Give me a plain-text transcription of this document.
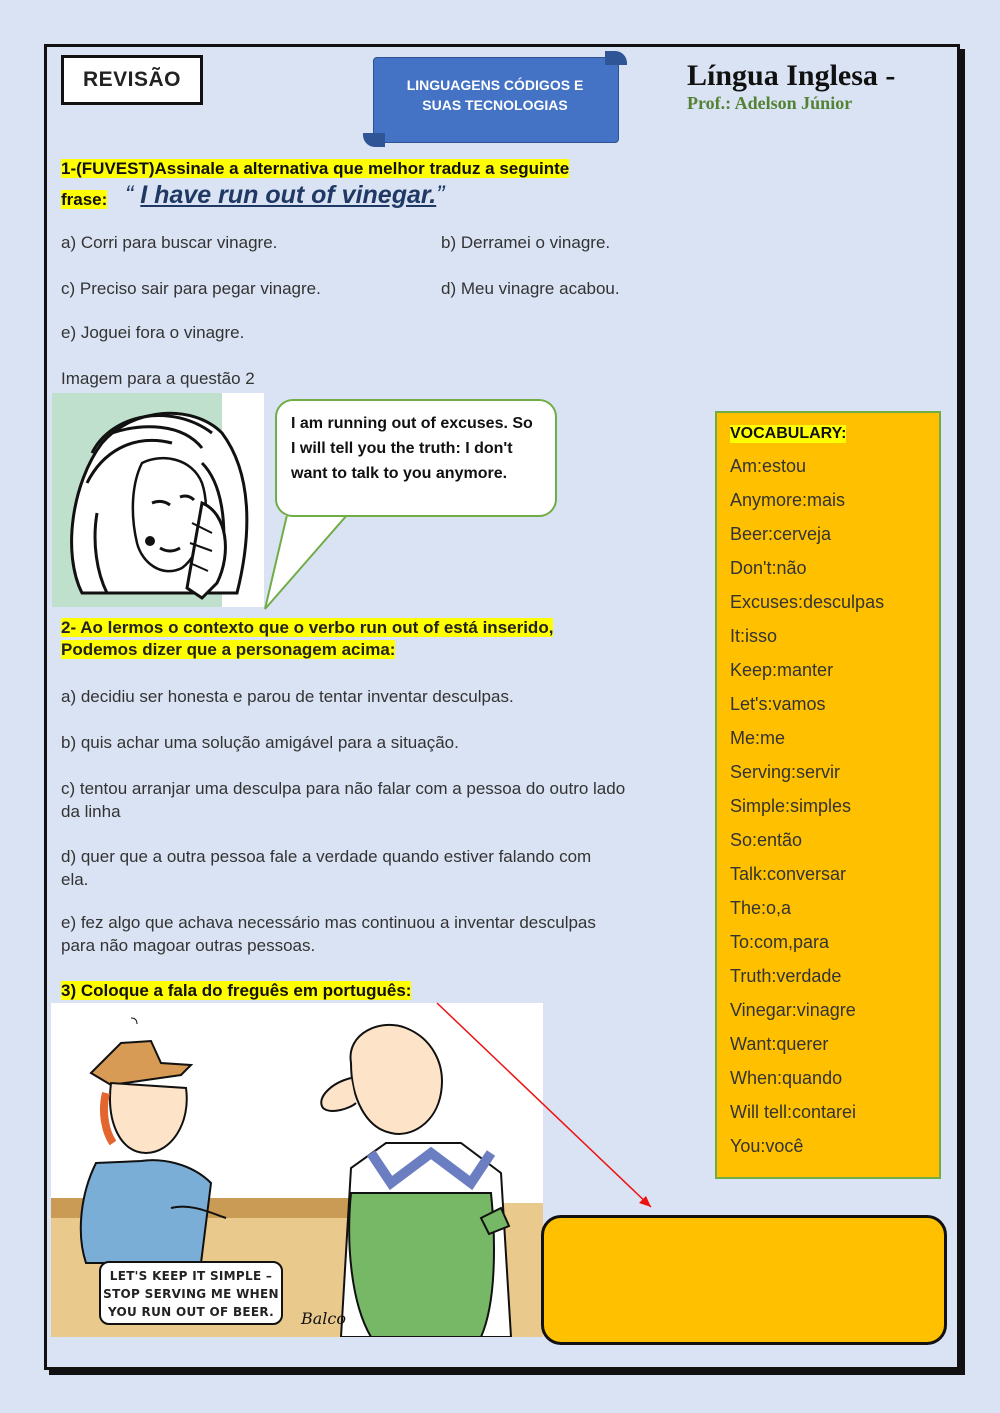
REVISÃO	LINGUAGENS CÓDIGOS E
SUAS TECNOLOGIAS
Língua Inglesa -
Prof.: Adelson Júnior
1-(FUVEST)Assinale a alternativa que melhor traduz a seguinte
frase: “ I have run out of vinegar.”
a) Corri para buscar vinagre.	b) Derramei o vinagre.
c) Preciso sair para pegar vinagre.	d) Meu vinagre acabou.
e) Joguei fora o vinagre.
Imagem para a questão 2
I am running out of excuses. So I will tell you the truth: I don't want to talk to you anymore.
2- Ao lermos o contexto que o verbo run out of está inserido,
Podemos dizer que a personagem acima:
a) decidiu ser honesta e parou de tentar inventar desculpas.
b) quis achar uma solução amigável para a situação.
c) tentou arranjar uma desculpa para não falar com a pessoa do outro lado da linha
d) quer que a outra pessoa fale a verdade quando estiver falando com ela.
e) fez algo que achava necessário mas continuou a inventar desculpas para não magoar outras pessoas.
3) Coloque a fala do freguês em português:
LET'S KEEP IT SIMPLE –
STOP SERVING ME WHEN
YOU RUN OUT OF BEER.	Balco
VOCABULARY:
Am:estou
Anymore:mais
Beer:cerveja
Don't:não
Excuses:desculpas
It:isso
Keep:manter
Let's:vamos
Me:me
Serving:servir
Simple:simples
So:então
Talk:conversar
The:o,a
To:com,para
Truth:verdade
Vinegar:vinagre
Want:querer
When:quando
Will tell:contarei
You:você
